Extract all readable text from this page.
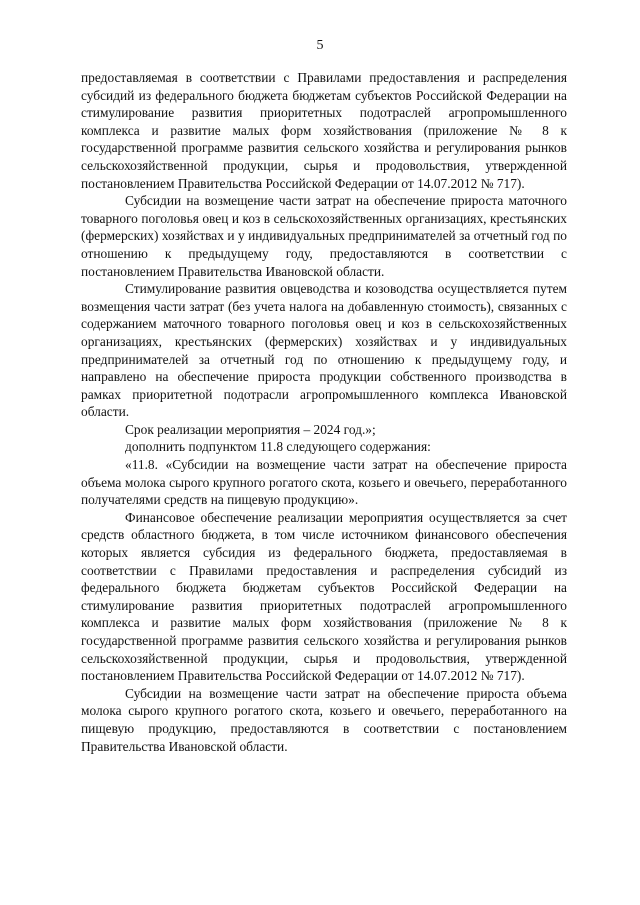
5

предоставляемая в соответствии с Правилами предоставления и распределения субсидий из федерального бюджета бюджетам субъектов Российской Федерации на стимулирование развития приоритетных подотраслей агропромышленного комплекса и развитие малых форм хозяйствования (приложение № 8 к государственной программе развития сельского хозяйства и регулирования рынков сельскохозяйственной продукции, сырья и продовольствия, утвержденной постановлением Правительства Российской Федерации от 14.07.2012 № 717).

Субсидии на возмещение части затрат на обеспечение прироста маточного товарного поголовья овец и коз в сельскохозяйственных организациях, крестьянских (фермерских) хозяйствах и у индивидуальных предпринимателей за отчетный год по отношению к предыдущему году, предоставляются в соответствии с постановлением Правительства Ивановской области.

Стимулирование развития овцеводства и козоводства осуществляется путем возмещения части затрат (без учета налога на добавленную стоимость), связанных с содержанием маточного товарного поголовья овец и коз в сельскохозяйственных организациях, крестьянских (фермерских) хозяйствах и у индивидуальных предпринимателей за отчетный год по отношению к предыдущему году, и направлено на обеспечение прироста продукции собственного производства в рамках приоритетной подотрасли агропромышленного комплекса Ивановской области.

Срок реализации мероприятия – 2024 год.»;

дополнить подпунктом 11.8 следующего содержания:

«11.8. «Субсидии на возмещение части затрат на обеспечение прироста объема молока сырого крупного рогатого скота, козьего и овечьего, переработанного получателями средств на пищевую продукцию».

Финансовое обеспечение реализации мероприятия осуществляется за счет средств областного бюджета, в том числе источником финансового обеспечения которых является субсидия из федерального бюджета, предоставляемая в соответствии с Правилами предоставления и распределения субсидий из федерального бюджета бюджетам субъектов Российской Федерации на стимулирование развития приоритетных подотраслей агропромышленного комплекса и развитие малых форм хозяйствования (приложение № 8 к государственной программе развития сельского хозяйства и регулирования рынков сельскохозяйственной продукции, сырья и продовольствия, утвержденной постановлением Правительства Российской Федерации от 14.07.2012 № 717).

Субсидии на возмещение части затрат на обеспечение прироста объема молока сырого крупного рогатого скота, козьего и овечьего, переработанного на пищевую продукцию, предоставляются в соответствии с постановлением Правительства Ивановской области.
